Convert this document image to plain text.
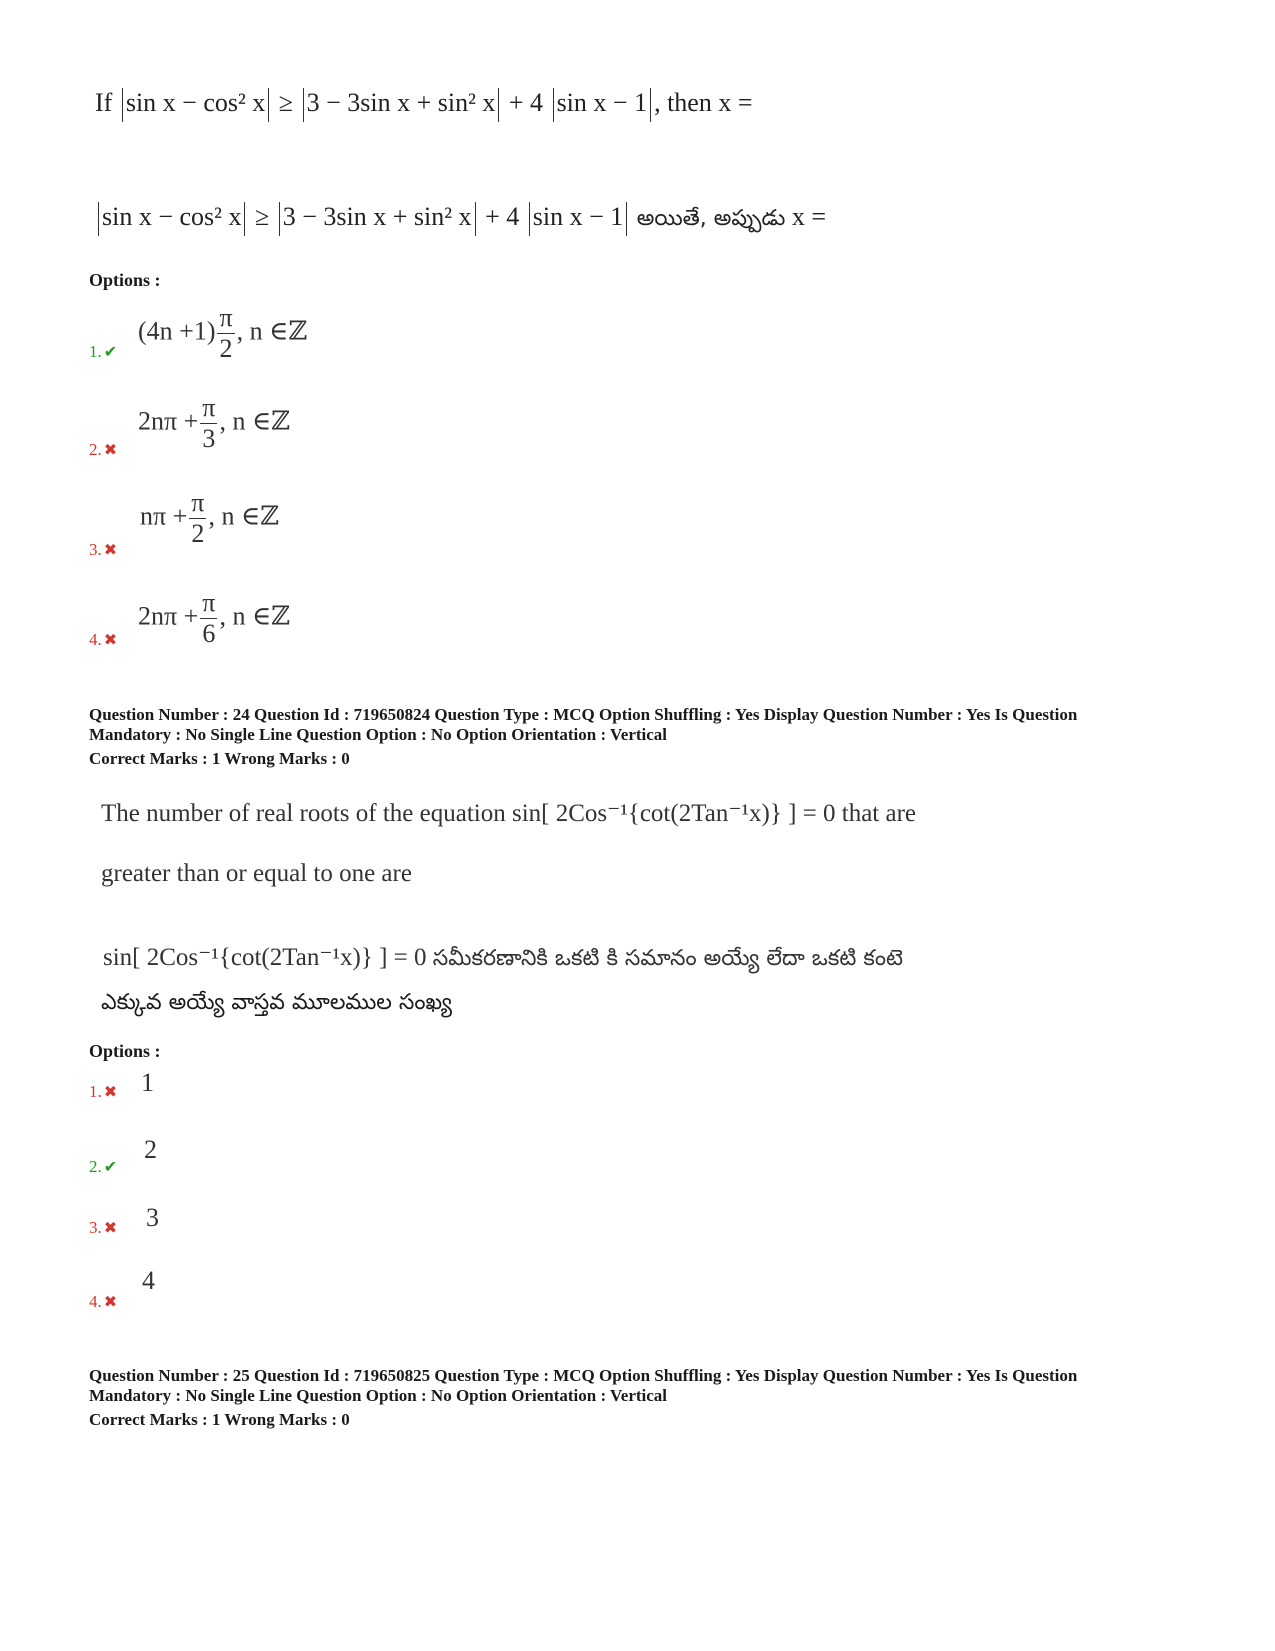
If sin x − cos² x ≥ 3 − 3sin x + sin² x + 4 sin x − 1 , then x =
sin x − cos² x ≥ 3 − 3sin x + sin² x + 4 sin x − 1 అయితే, అప్పుడు x =
Options :
1. ✔
$(4n +1) \frac{\pi}{2}$ , n ∈ℤ
2. ✖
$2n\pi + \frac{\pi}{3}$ , n ∈ℤ
3. ✖
$n\pi + \frac{\pi}{2}$ , n ∈ℤ
4. ✖
$2n\pi + \frac{\pi}{6}$ , n ∈ℤ
Question Number : 24 Question Id : 719650824 Question Type : MCQ Option Shuffling : Yes Display Question Number : Yes Is Question
Mandatory : No Single Line Question Option : No Option Orientation : Vertical
Correct Marks : 1 Wrong Marks : 0
The number of real roots of the equation sin[ 2Cos⁻¹{cot(2Tan⁻¹x)} ] = 0 that are
greater than or equal to one are
sin[ 2Cos⁻¹{cot(2Tan⁻¹x)} ] = 0 సమీకరణానికి ఒకటి కి సమానం అయ్యే లేదా ఒకటి కంటె
ఎక్కువ అయ్యే వాస్తవ మూలముల సంఖ్య
Options :
1. ✖ 1
2. ✔
2
3. ✖ 3
4. ✖
4
Question Number : 25 Question Id : 719650825 Question Type : MCQ Option Shuffling : Yes Display Question Number : Yes Is Question
Mandatory : No Single Line Question Option : No Option Orientation : Vertical
Correct Marks : 1 Wrong Marks : 0
